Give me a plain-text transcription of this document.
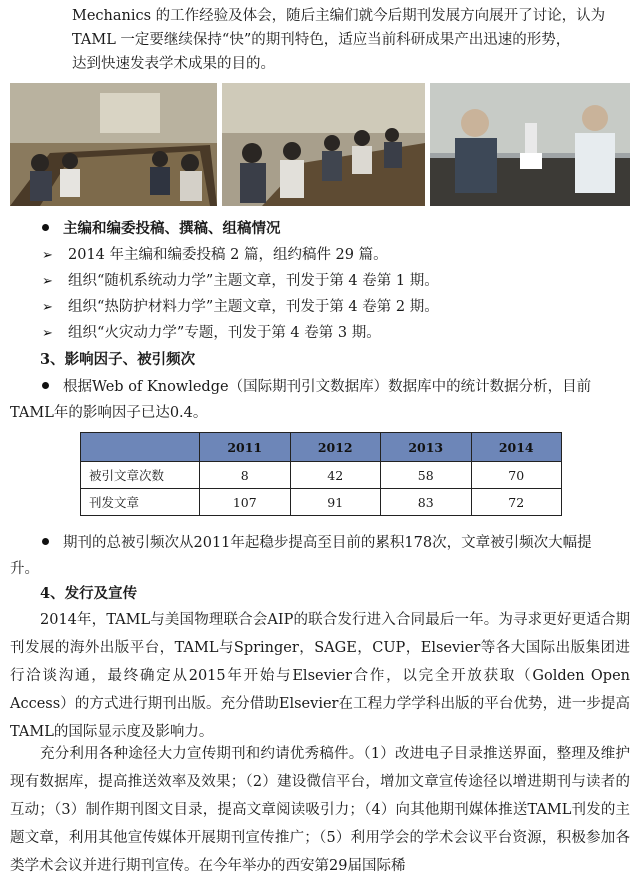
Mechanics 的工作经验及体会，随后主编们就今后期刊发展方向展开了讨论，认为
TAML 一定要继续保持“快”的期刊特色，适应当前科研成果产出迅速的形势，
达到快速发表学术成果的目的。
主编和编委投稿、撰稿、组稿情况
➢ 2014 年主编和编委投稿 2 篇，组约稿件 29 篇。
➢ 组织“随机系统动力学”主题文章，刊发于第 4 卷第 1 期。
➢ 组织“热防护材料力学”主题文章，刊发于第 4 卷第 2 期。
➢ 组织“火灾动力学”专题，刊发于第 4 卷第 3 期。
3、影响因子、被引频次
根据Web of Knowledge（国际期刊引文数据库）数据库中的统计数据分析，目前
TAML年的影响因子已达0.4。
	2011	2012	2013	2014
被引文章次数	8	42	58	70
刊发文章	107	91	83	72
期刊的总被引频次从2011年起稳步提高至目前的累积178次，文章被引频次大幅提
升。
4、发行及宣传
2014年，TAML与美国物理联合会AIP的联合发行进入合同最后一年。为寻求更好更适合期刊发展的海外出版平台，TAML与Springer，SAGE，CUP，Elsevier等各大国际出版集团进行洽谈沟通，最终确定从2015年开始与Elsevier合作，以完全开放获取（Golden Open Access）的方式进行期刊出版。充分借助Elsevier在工程力学学科出版的平台优势，进一步提高TAML的国际显示度及影响力。
充分利用各种途径大力宣传期刊和约请优秀稿件。（1）改进电子目录推送界面，整理及维护现有数据库，提高推送效率及效果；（2）建设微信平台，增加文章宣传途径以增进期刊与读者的互动；（3）制作期刊图文目录，提高文章阅读吸引力；（4）向其他期刊媒体推送TAML刊发的主题文章，利用其他宣传媒体开展期刊宣传推广；（5）利用学会的学术会议平台资源，积极参加各类学术会议并进行期刊宣传。在今年举办的西安第29届国际稀
